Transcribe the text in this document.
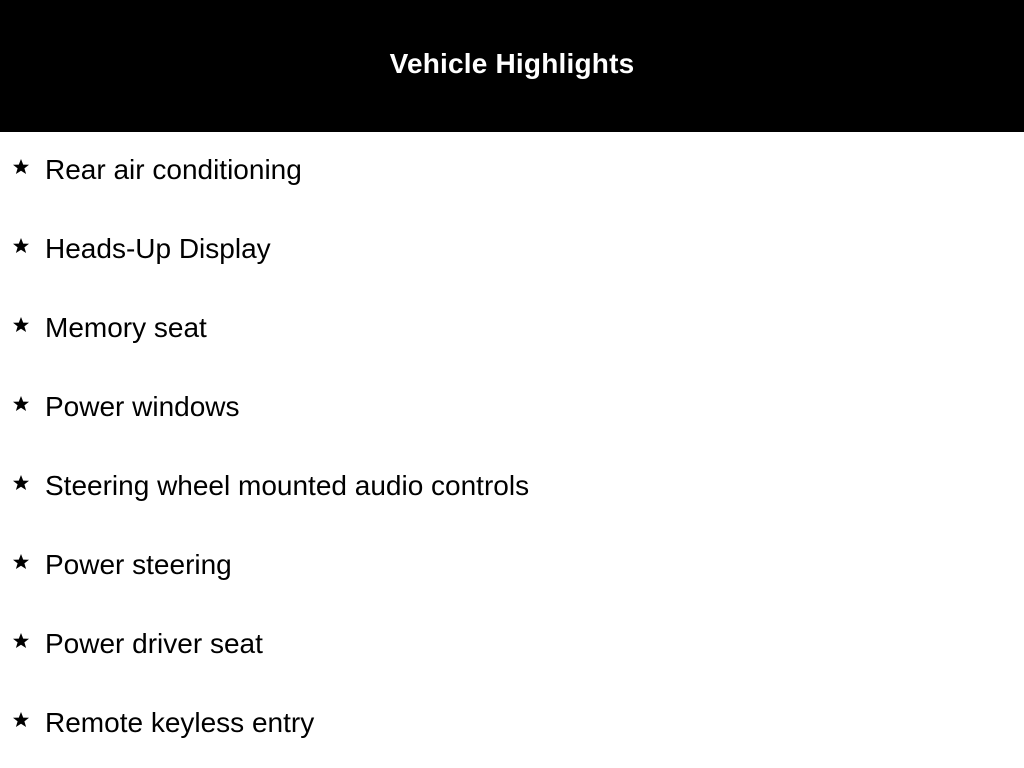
Vehicle Highlights
Rear air conditioning
Heads-Up Display
Memory seat
Power windows
Steering wheel mounted audio controls
Power steering
Power driver seat
Remote keyless entry
